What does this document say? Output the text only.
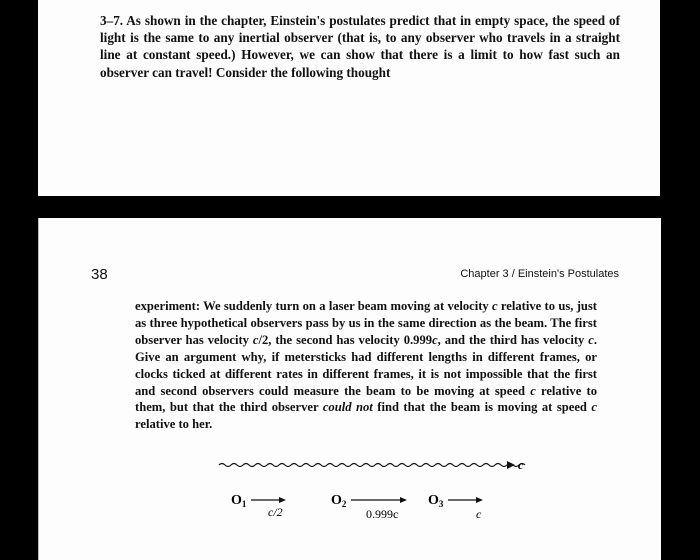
3–7. As shown in the chapter, Einstein's postulates predict that in empty space, the speed of light is the same to any inertial observer (that is, to any observer who travels in a straight line at constant speed.) However, we can show that there is a limit to how fast such an observer can travel! Consider the following thought
38	Chapter 3 / Einstein's Postulates
experiment: We suddenly turn on a laser beam moving at velocity c relative to us, just as three hypothetical observers pass by us in the same direction as the beam. The first observer has velocity c/2, the second has velocity 0.999c, and the third has velocity c. Give an argument why, if metersticks had different lengths in different frames, or clocks ticked at different rates in different frames, it is not impossible that the first and second observers could measure the beam to be moving at speed c relative to them, but that the third observer could not find that the beam is moving at speed c relative to her.
c
$O_1$
c/2
$O_2$
0.999c
$O_3$
c
